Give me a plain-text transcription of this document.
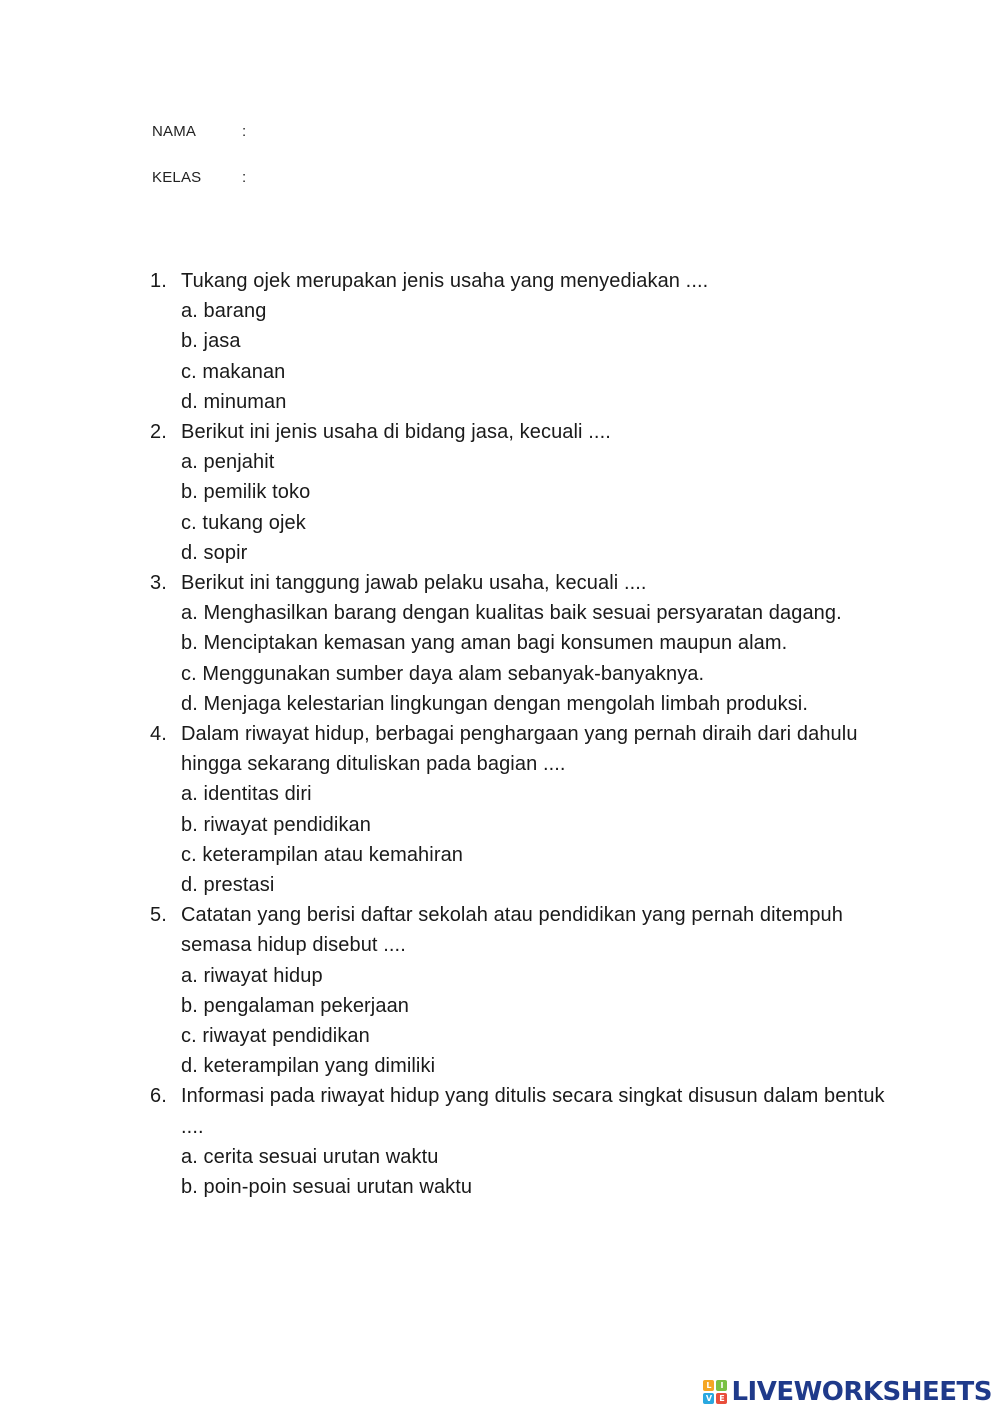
NAMA	:
KELAS	:
1. Tukang ojek merupakan jenis usaha yang menyediakan ....
a. barang
b. jasa
c. makanan
d. minuman
2. Berikut ini jenis usaha di bidang jasa, kecuali ....
a. penjahit
b. pemilik toko
c. tukang ojek
d. sopir
3. Berikut ini tanggung jawab pelaku usaha, kecuali ....
a. Menghasilkan barang dengan kualitas baik sesuai persyaratan dagang.
b. Menciptakan kemasan yang aman bagi konsumen maupun alam.
c. Menggunakan sumber daya alam sebanyak-banyaknya.
d. Menjaga kelestarian lingkungan dengan mengolah limbah produksi.
4. Dalam riwayat hidup, berbagai penghargaan yang pernah diraih dari dahulu hingga sekarang dituliskan pada bagian ....
a. identitas diri
b. riwayat pendidikan
c. keterampilan atau kemahiran
d. prestasi
5. Catatan yang berisi daftar sekolah atau pendidikan yang pernah ditempuh semasa hidup disebut ....
a. riwayat hidup
b. pengalaman pekerjaan
c. riwayat pendidikan
d. keterampilan yang dimiliki
6. Informasi pada riwayat hidup yang ditulis secara singkat disusun dalam bentuk ....
a. cerita sesuai urutan waktu
b. poin-poin sesuai urutan waktu
L	I
V E LIVEWORKSHEETS
